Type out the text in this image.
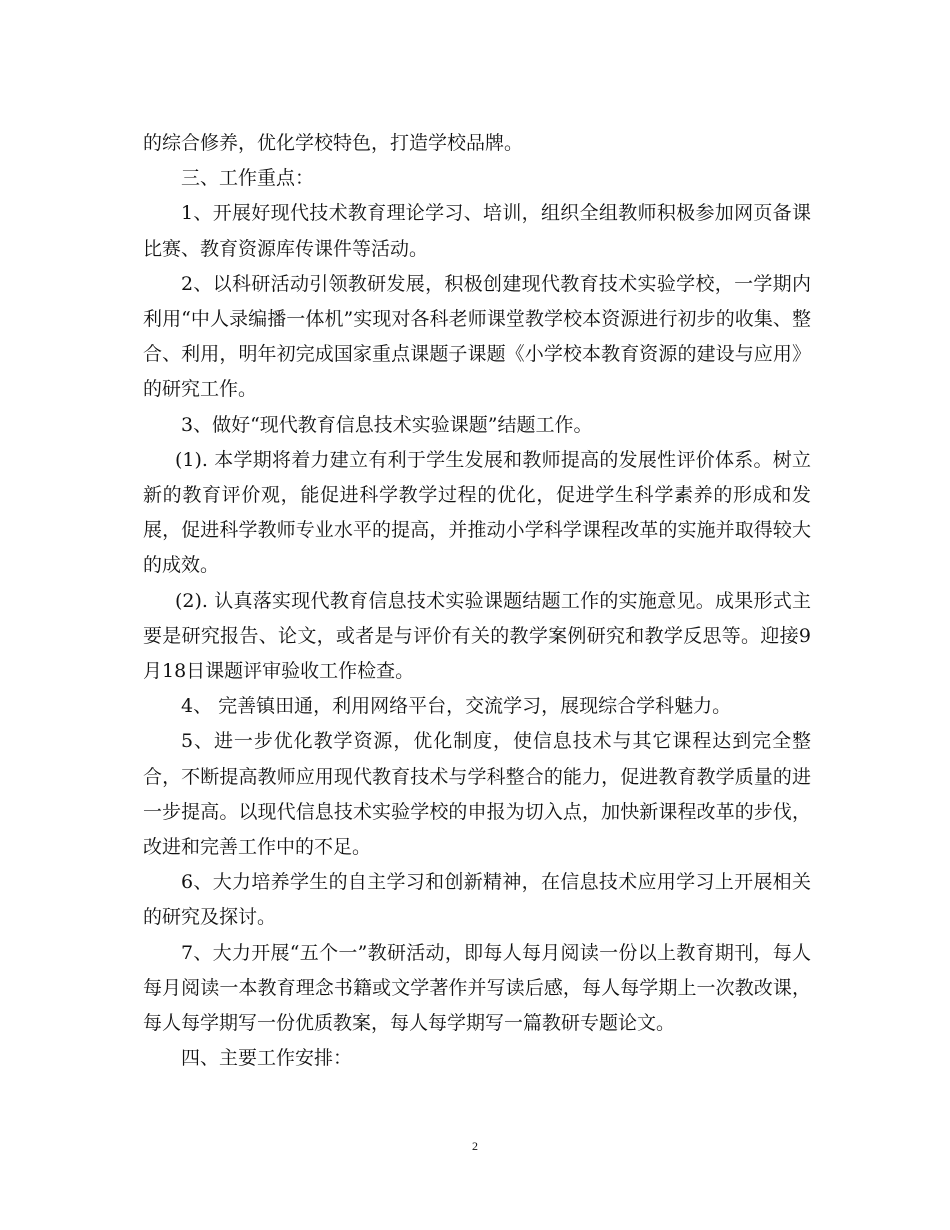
的综合修养，优化学校特色，打造学校品牌。

三、工作重点：

1、开展好现代技术教育理论学习、培训，组织全组教师积极参加网页备课比赛、教育资源库传课件等活动。

2、以科研活动引领教研发展，积极创建现代教育技术实验学校，一学期内利用“中人录编播一体机”实现对各科老师课堂教学校本资源进行初步的收集、整合、利用，明年初完成国家重点课题子课题《小学校本教育资源的建设与应用》的研究工作。

3、做好“现代教育信息技术实验课题”结题工作。

(1). 本学期将着力建立有利于学生发展和教师提高的发展性评价体系。树立新的教育评价观，能促进科学教学过程的优化，促进学生科学素养的形成和发展，促进科学教师专业水平的提高，并推动小学科学课程改革的实施并取得较大的成效。

(2). 认真落实现代教育信息技术实验课题结题工作的实施意见。成果形式主要是研究报告、论文，或者是与评价有关的教学案例研究和教学反思等。迎接9月18日课题评审验收工作检查。

4、 完善镇田通，利用网络平台，交流学习，展现综合学科魅力。

5、进一步优化教学资源，优化制度，使信息技术与其它课程达到完全整合，不断提高教师应用现代教育技术与学科整合的能力，促进教育教学质量的进一步提高。以现代信息技术实验学校的申报为切入点，加快新课程改革的步伐，改进和完善工作中的不足。

6、大力培养学生的自主学习和创新精神，在信息技术应用学习上开展相关的研究及探讨。

7、大力开展“五个一”教研活动，即每人每月阅读一份以上教育期刊，每人每月阅读一本教育理念书籍或文学著作并写读后感，每人每学期上一次教改课，每人每学期写一份优质教案，每人每学期写一篇教研专题论文。

四、主要工作安排：

2
